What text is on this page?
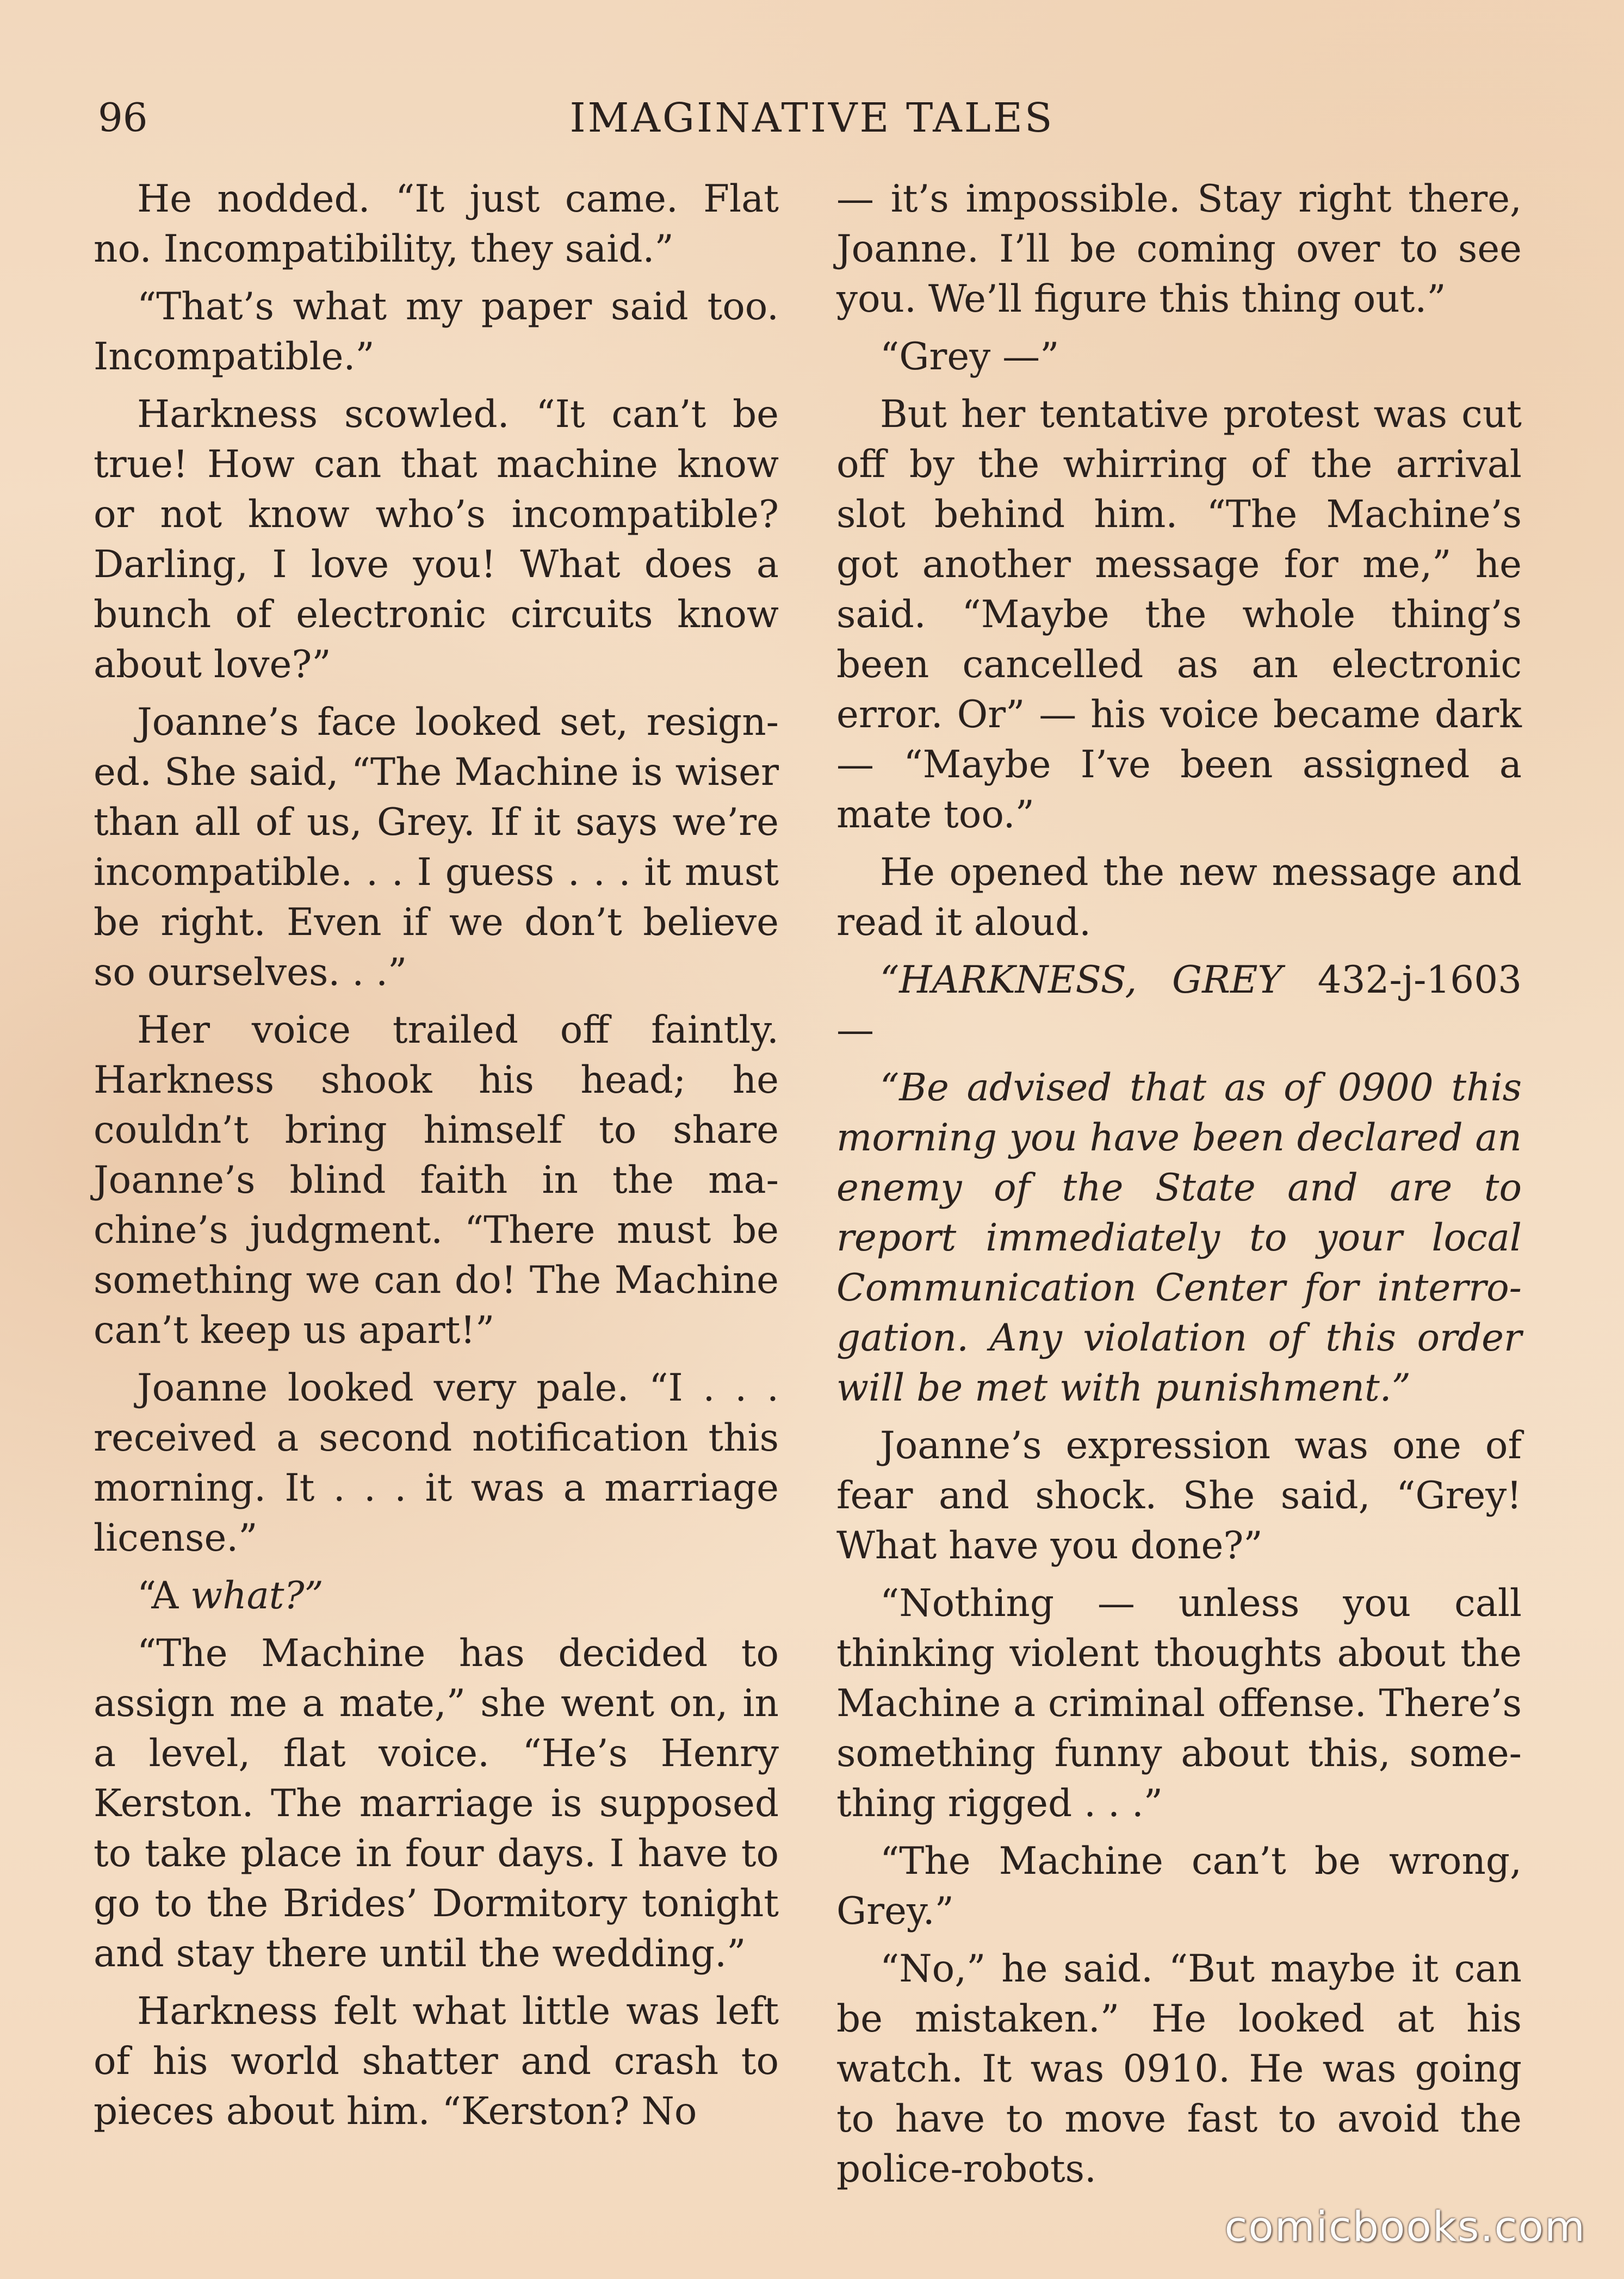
96	IMAGINATIVE TALES

He nodded. “It just came. Flat no. Incompatibility, they said.”

“That’s what my paper said too. Incompatible.”

Harkness scowled. “It can’t be true! How can that machine know or not know who’s incompatible? Darling, I love you! What does a bunch of electronic circuits know about love?”

Joanne’s face looked set, resigned. She said, “The Machine is wiser than all of us, Grey. If it says we’re incompatible. . . I guess . . . it must be right. Even if we don’t believe so ourselves. . .”

Her voice trailed off faintly. Harkness shook his head; he couldn’t bring himself to share Joanne’s blind faith in the machine’s judgment. “There must be something we can do! The Machine can’t keep us apart!”

Joanne looked very pale. “I . . . received a second notification this morning. It . . . it was a marriage license.”

“A what?”

“The Machine has decided to assign me a mate,” she went on, in a level, flat voice. “He’s Henry Kerston. The marriage is supposed to take place in four days. I have to go to the Brides’ Dormitory tonight and stay there until the wedding.”

Harkness felt what little was left of his world shatter and crash to pieces about him. “Kerston? No

— it’s impossible. Stay right there, Joanne. I’ll be coming over to see you. We’ll figure this thing out.”

“Grey —”

But her tentative protest was cut off by the whirring of the arrival slot behind him. “The Machine’s got another message for me,” he said. “Maybe the whole thing’s been cancelled as an electronic error. Or” — his voice became dark — “Maybe I’ve been assigned a mate too.”

He opened the new message and read it aloud.

“HARKNESS, GREY 432-j-1603 —

“Be advised that as of 0900 this morning you have been declared an enemy of the State and are to report immediately to your local Communication Center for interrogation. Any violation of this order will be met with punishment.”

Joanne’s expression was one of fear and shock. She said, “Grey! What have you done?”

“Nothing — unless you call thinking violent thoughts about the Machine a criminal offense. There’s something funny about this, something rigged . . .”

“The Machine can’t be wrong, Grey.”

“No,” he said. “But maybe it can be mistaken.” He looked at his watch. It was 0910. He was going to have to move fast to avoid the police-robots.

comicbooks.com
